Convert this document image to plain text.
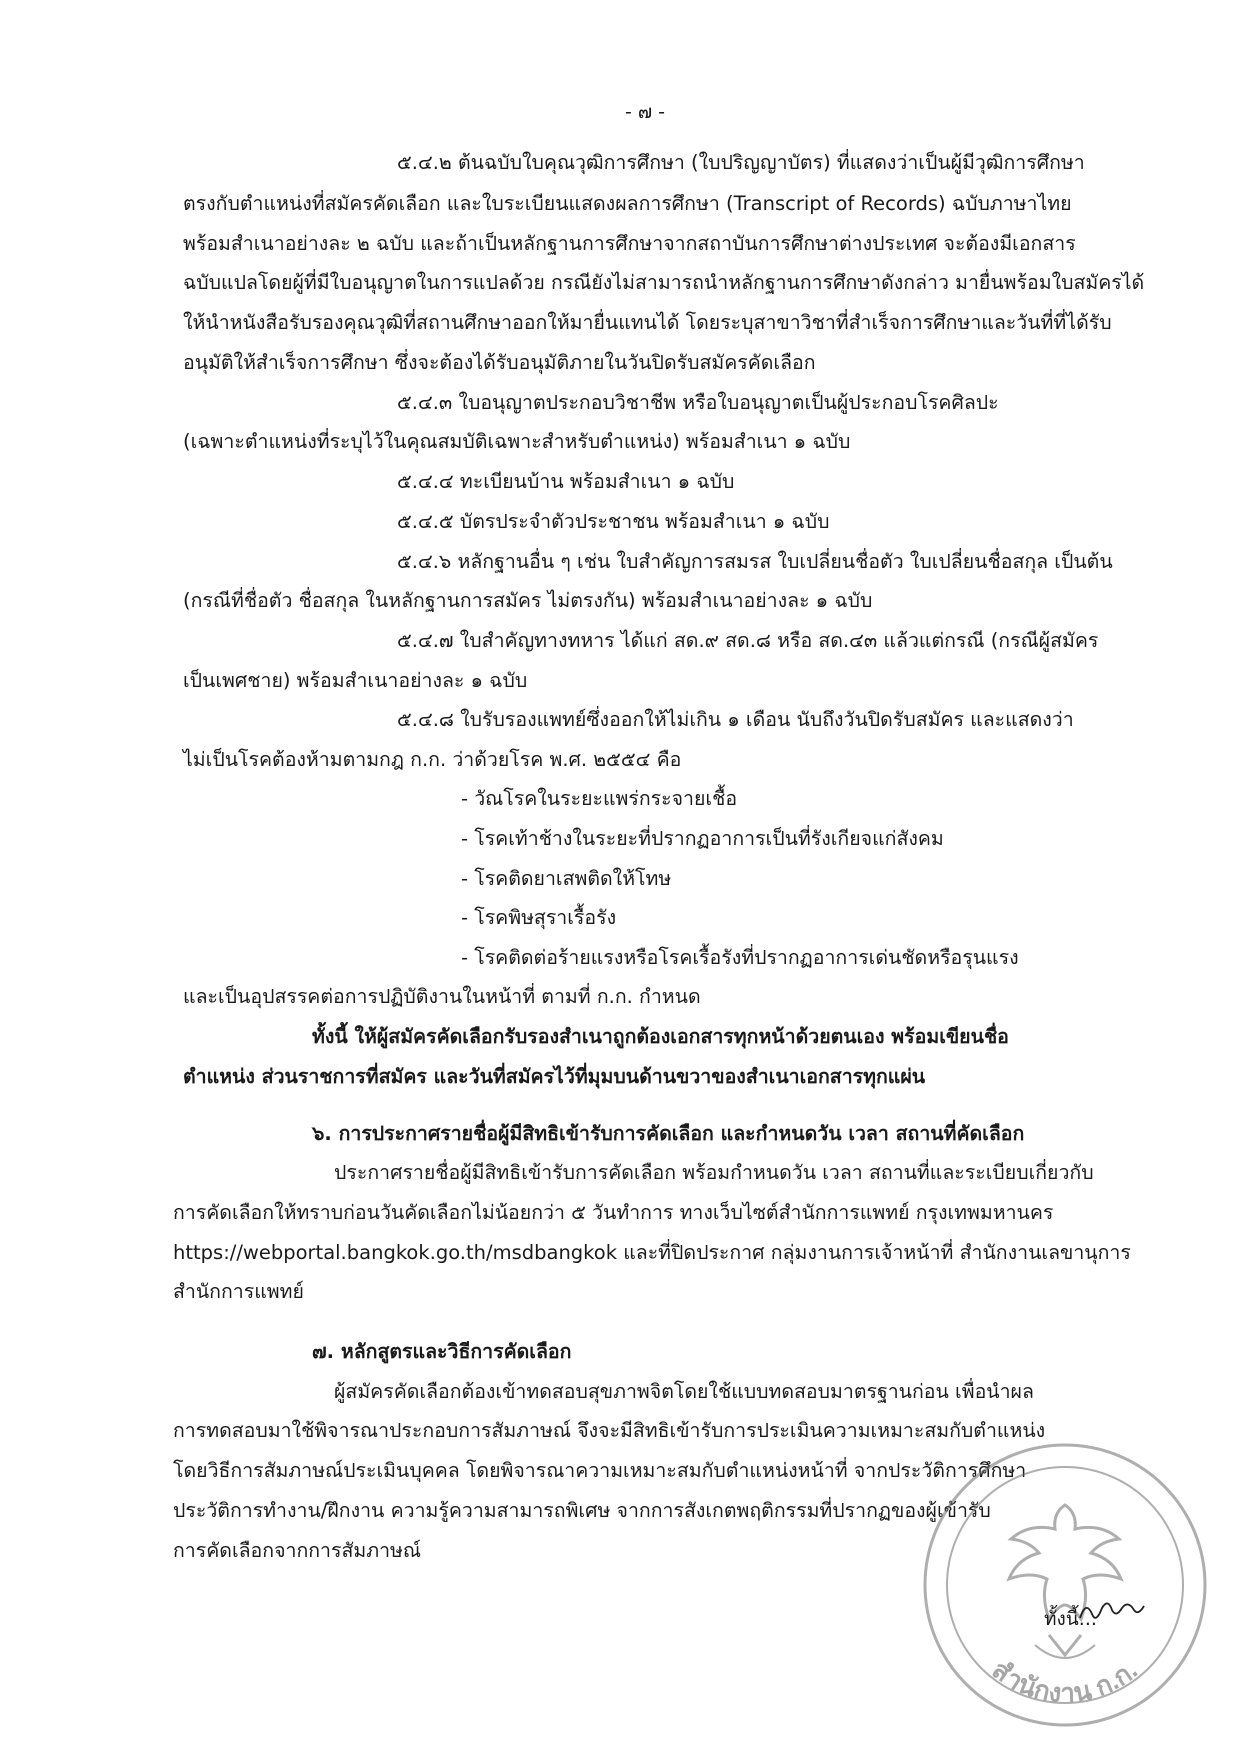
- ๗ -
๕.๔.๒ ต้นฉบับใบคุณวุฒิการศึกษา (ใบปริญญาบัตร) ที่แสดงว่าเป็นผู้มีวุฒิการศึกษา
ตรงกับตำแหน่งที่สมัครคัดเลือก และใบระเบียนแสดงผลการศึกษา (Transcript of Records) ฉบับภาษาไทย
พร้อมสำเนาอย่างละ ๒ ฉบับ และถ้าเป็นหลักฐานการศึกษาจากสถาบันการศึกษาต่างประเทศ จะต้องมีเอกสาร
ฉบับแปลโดยผู้ที่มีใบอนุญาตในการแปลด้วย กรณียังไม่สามารถนำหลักฐานการศึกษาดังกล่าว มายื่นพร้อมใบสมัครได้
ให้นำหนังสือรับรองคุณวุฒิที่สถานศึกษาออกให้มายื่นแทนได้ โดยระบุสาขาวิชาที่สำเร็จการศึกษาและวันที่ที่ได้รับ
อนุมัติให้สำเร็จการศึกษา ซึ่งจะต้องได้รับอนุมัติภายในวันปิดรับสมัครคัดเลือก
๕.๔.๓ ใบอนุญาตประกอบวิชาชีพ หรือใบอนุญาตเป็นผู้ประกอบโรคศิลปะ
(เฉพาะตำแหน่งที่ระบุไว้ในคุณสมบัติเฉพาะสำหรับตำแหน่ง) พร้อมสำเนา ๑ ฉบับ
๕.๔.๔ ทะเบียนบ้าน พร้อมสำเนา ๑ ฉบับ
๕.๔.๕ บัตรประจำตัวประชาชน พร้อมสำเนา ๑ ฉบับ
๕.๔.๖ หลักฐานอื่น ๆ เช่น ใบสำคัญการสมรส ใบเปลี่ยนชื่อตัว ใบเปลี่ยนชื่อสกุล เป็นต้น
(กรณีที่ชื่อตัว ชื่อสกุล ในหลักฐานการสมัคร ไม่ตรงกัน) พร้อมสำเนาอย่างละ ๑ ฉบับ
๕.๔.๗ ใบสำคัญทางทหาร ได้แก่ สด.๙ สด.๘ หรือ สด.๔๓ แล้วแต่กรณี (กรณีผู้สมัคร
เป็นเพศชาย) พร้อมสำเนาอย่างละ ๑ ฉบับ
๕.๔.๘ ใบรับรองแพทย์ซึ่งออกให้ไม่เกิน ๑ เดือน นับถึงวันปิดรับสมัคร และแสดงว่า
ไม่เป็นโรคต้องห้ามตามกฎ ก.ก. ว่าด้วยโรค พ.ศ. ๒๕๕๔ คือ
- วัณโรคในระยะแพร่กระจายเชื้อ
- โรคเท้าช้างในระยะที่ปรากฏอาการเป็นที่รังเกียจแก่สังคม
- โรคติดยาเสพติดให้โทษ
- โรคพิษสุราเรื้อรัง
- โรคติดต่อร้ายแรงหรือโรคเรื้อรังที่ปรากฏอาการเด่นชัดหรือรุนแรง
และเป็นอุปสรรคต่อการปฏิบัติงานในหน้าที่ ตามที่ ก.ก. กำหนด
ทั้งนี้ ให้ผู้สมัครคัดเลือกรับรองสำเนาถูกต้องเอกสารทุกหน้าด้วยตนเอง พร้อมเขียนชื่อ
ตำแหน่ง ส่วนราชการที่สมัคร และวันที่สมัครไว้ที่มุมบนด้านขวาของสำเนาเอกสารทุกแผ่น
๖. การประกาศรายชื่อผู้มีสิทธิเข้ารับการคัดเลือก และกำหนดวัน เวลา สถานที่คัดเลือก
ประกาศรายชื่อผู้มีสิทธิเข้ารับการคัดเลือก พร้อมกำหนดวัน เวลา สถานที่และระเบียบเกี่ยวกับ
การคัดเลือกให้ทราบก่อนวันคัดเลือกไม่น้อยกว่า ๕ วันทำการ ทางเว็บไซต์สำนักการแพทย์ กรุงเทพมหานคร
https://webportal.bangkok.go.th/msdbangkok และที่ปิดประกาศ กลุ่มงานการเจ้าหน้าที่ สำนักงานเลขานุการ
สำนักการแพทย์
๗. หลักสูตรและวิธีการคัดเลือก
ผู้สมัครคัดเลือกต้องเข้าทดสอบสุขภาพจิตโดยใช้แบบทดสอบมาตรฐานก่อน เพื่อนำผล
การทดสอบมาใช้พิจารณาประกอบการสัมภาษณ์ จึงจะมีสิทธิเข้ารับการประเมินความเหมาะสมกับตำแหน่ง
โดยวิธีการสัมภาษณ์ประเมินบุคคล โดยพิจารณาความเหมาะสมกับตำแหน่งหน้าที่ จากประวัติการศึกษา
ประวัติการทำงาน/ฝึกงาน ความรู้ความสามารถพิเศษ จากการสังเกตพฤติกรรมที่ปรากฏของผู้เข้ารับ
การคัดเลือกจากการสัมภาษณ์
สำนักงาน ก.ก.
ทั้งนี้...
